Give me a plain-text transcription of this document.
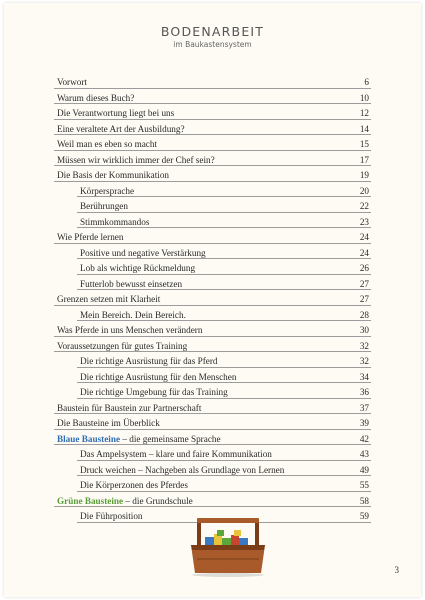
BODENARBEIT
im Baukastensystem
Vorwort	6
Warum dieses Buch?	10
Die Verantwortung liegt bei uns	12
Eine veraltete Art der Ausbildung?	14
Weil man es eben so macht	15
Müssen wir wirklich immer der Chef sein?	17
Die Basis der Kommunikation	19
Körpersprache	20
Berührungen	22
Stimmkommandos	23
Wie Pferde lernen	24
Positive und negative Verstärkung	24
Lob als wichtige Rückmeldung	26
Futterlob bewusst einsetzen	27
Grenzen setzen mit Klarheit	27
Mein Bereich. Dein Bereich.	28
Was Pferde in uns Menschen verändern	30
Voraussetzungen für gutes Training	32
Die richtige Ausrüstung für das Pferd	32
Die richtige Ausrüstung für den Menschen	34
Die richtige Umgebung für das Training	36
Baustein für Baustein zur Partnerschaft	37
Die Bausteine im Überblick	39
Blaue Bausteine – die gemeinsame Sprache	42
Das Ampelsystem – klare und faire Kommunikation	43
Druck weichen – Nachgeben als Grundlage von Lernen	49
Die Körperzonen des Pferdes	55
Grüne Bausteine – die Grundschule	58
Die Führposition	59
3
